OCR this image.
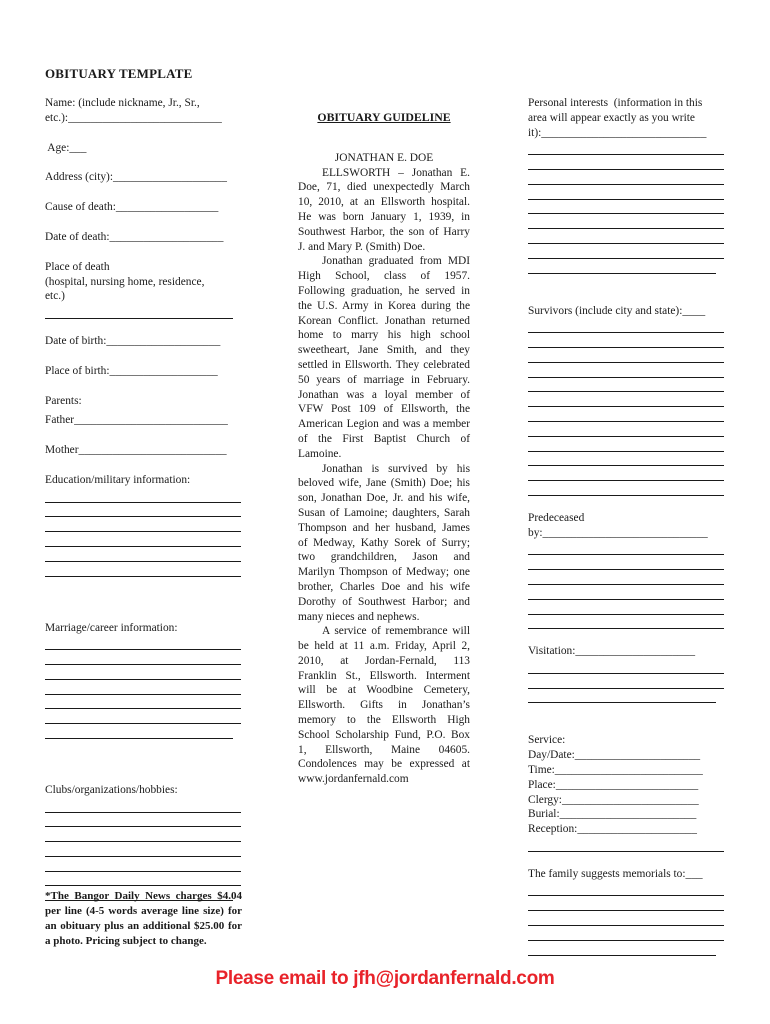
OBITUARY TEMPLATE
Name: (include nickname, Jr., Sr.,
etc.):___________________________
Age:___
Address (city):____________________
Cause of death:__________________
Date of death:____________________
Place of death
(hospital, nursing home, residence,
etc.)
Date of birth:____________________
Place of birth:___________________
Parents:
Father___________________________
Mother__________________________
Education/military information:
Marriage/career information:
Clubs/organizations/hobbies:
*The Bangor Daily News charges $4.04 per line (4-5 words average line size) for an obituary plus an additional $25.00 for a photo. Pricing subject to change.
OBITUARY GUIDELINE
JONATHAN E. DOE
ELLSWORTH – Jonathan E. Doe, 71, died unexpectedly March 10, 2010, at an Ellsworth hospital. He was born January 1, 1939, in Southwest Harbor, the son of Harry J. and Mary P. (Smith) Doe.
Jonathan graduated from MDI High School, class of 1957. Following graduation, he served in the U.S. Army in Korea during the Korean Conflict. Jonathan returned home to marry his high school sweetheart, Jane Smith, and they settled in Ellsworth. They celebrated 50 years of marriage in February. Jonathan was a loyal member of VFW Post 109 of Ellsworth, the American Legion and was a member of the First Baptist Church of Lamoine.
Jonathan is survived by his beloved wife, Jane (Smith) Doe; his son, Jonathan Doe, Jr. and his wife, Susan of Lamoine; daughters, Sarah Thompson and her husband, James of Medway, Kathy Sorek of Surry; two grandchildren, Jason and Marilyn Thompson of Medway; one brother, Charles Doe and his wife Dorothy of Southwest Harbor; and many nieces and nephews.
A service of remembrance will be held at 11 a.m. Friday, April 2, 2010, at Jordan-Fernald, 113 Franklin St., Ellsworth. Interment will be at Woodbine Cemetery, Ellsworth. Gifts in Jonathan’s memory to the Ellsworth High School Scholarship Fund, P.O. Box 1, Ellsworth, Maine 04605. Condolences may be expressed at www.jordanfernald.com
Personal interests  (information in this
area will appear exactly as you write
it):_____________________________
Survivors (include city and state):____
Predeceased
by:_____________________________
Visitation:_____________________
Service:
Day/Date:______________________
Time:__________________________
Place:_________________________
Clergy:________________________
Burial:________________________
Reception:_____________________
The family suggests memorials to:___
Please email to jfh@jordanfernald.com
